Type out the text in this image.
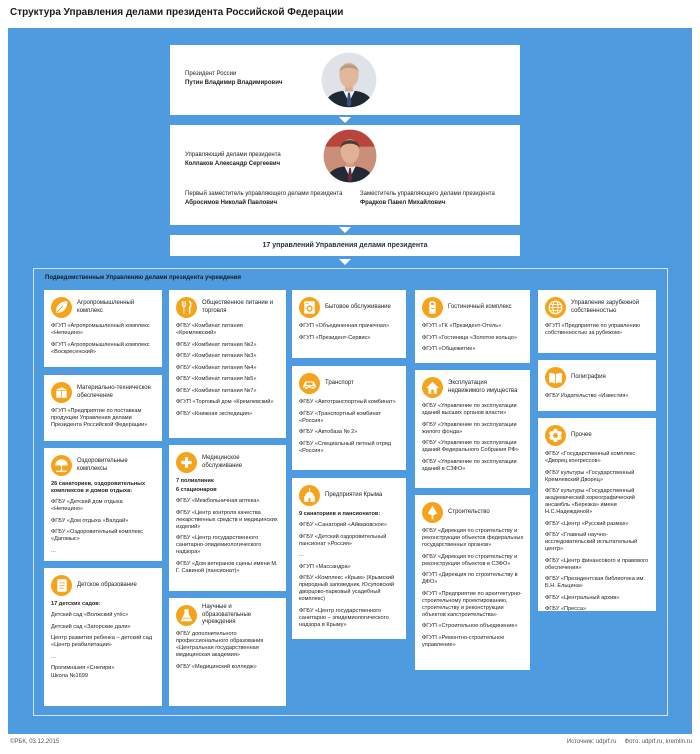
Структура Управления делами президента Российской Федерации
Президент России
Путин Владимир Владимирович
Управляющий делами президента
Колпаков Александр Сергеевич
Первый заместитель управляющего делами президента
Абросимов Николай Павлович
Заместитель управляющего делами президента
Фрадков Павел Михайлович
17 управлений Управления делами президента
Подведомственные Управлению делами президента учреждения
Агропромышленный комплекс
ФГУП «Агропромышленный комплекс «Непецино»
ФГУП «Агропромышленный комплекс «Воскресенский»
Материально-техническое обеспечение
ФГУП «Предприятие по поставкам продукции Управления делами Президента Российской Федерации»
Оздоровительные комплексы
26 санаториев, оздоровительных комплексов и домов отдыха:
ФГБУ «Детский дом отдыха «Непецино»
ФГБУ «Дом отдыха «Валдай»
ФГБУ «Оздоровительный комплекс «Дагомыс»
...
Детское образование
17 детских садов:
Детский сад «Волжский утёс»
Детский сад «Загорские дали»
Центр развития ребенка – детский сад «Центр реабилитации»
...
Прогимназия «Снегири»
Школа №1699
Общественное питание и торговля
ФГБУ «Комбинат питания «Кремлевский»
ФГБУ «Комбинат питания №2»
ФГБУ «Комбинат питания №3»
ФГБУ «Комбинат питания №4»
ФГБУ «Комбинат питания №5»
ФГБУ «Комбинат питания №7»
ФГУП «Торговый дом «Кремлевский»
ФГБУ «Книжная экспедиция»
Медицинское обслуживание
7 поликлиник
6 стационаров
ФГБУ «Межбольничная аптека»
ФГБУ «Центр контроля качества лекарственных средств и медицинских изделий»
ФГБУ «Центр государственного санитарно-эпидемиологического надзора»
ФГБУ «Дом ветеранов сцены имени М. Г. Савиной (пансионат)»
Научные и образовательные учреждения
ФГБУ дополнительного профессионального образования «Центральная государственная медицинская академия»
ФГБУ «Медицинский колледж»
Бытовое обслуживание
ФГУП «Объединенная прачечная»
ФГУП «Президент-Сервис»
Транспорт
ФГБУ «Автотранспортный комбинат»
ФГБУ «Транспортный комбинат «Россия»
ФГБУ «Автобаза № 2»
ФГБУ «Специальный летный отряд «Россия»
Предприятия Крыма
9 санаториев и пансионатов:
ФГБУ «Санаторий «Айвазовское»
ФГБУ «Детский оздоровительный пансионат «Россия»
...
ФГУП «Массандра»
ФГБУ «Комплекс «Крым» (Крымский природный заповедник, Юсуповский дворцово-парковый усадебный комплекс)
ФГБУ «Центр государственного санитарно – эпидемиологического надзора в Крыму»
Гостиничный комплекс
ФГУП «ГК «Президент-Отель»
ФГУП «Гостиница «Золотое кольцо»
ФГУП «Общежитие»
Эксплуатация недвижимого имущества
ФГБУ «Управление по эксплуатации зданий высших органов власти»
ФГБУ «Управление по эксплуатации жилого фонда»
ФГБУ «Управление по эксплуатации зданий Федерального Собрания РФ»
ФГБУ «Управление по эксплуатации зданий в СЗФО»
Строительство
ФГБУ «Дирекция по строительству и реконструкции объектов федеральных государственных органов»
ФГБУ «Дирекция по строительству и реконструкции объектов в СЗФО»
ФГУП «Дирекция по строительству в ДФО»
ФГУП «Предприятие по архитектурно-строительному проектированию, строительству и реконструкции объектов капстроительства»
ФГУП «Строительное объединение»
ФГУП «Ремонтно-строительное управление»
Управление зарубежной собственностью
ФГУП «Предприятие по управлению собственностью за рубежом»
Полиграфия
ФГБУ Издательство «Известия»
Прочее
ФГБУ «Государственный комплекс «Дворец конгрессов»
ФГБУ культуры «Государственный Кремлевский Дворец»
ФГБУ культуры «Государственный академический хореографический ансамбль «Березка» имени Н.С.Надеждиной»
ФГБУ «Центр «Русский размах»
ФГБУ «Главный научно-исследовательский испытательный центр»
ФГБУ «Центр финансового и правового обеспечения»
ФГБУ «Президентская библиотека им. Б.Н. Ельцина»
ФГБУ «Центральный архив»
ФГБУ «Пресса»
©РБК, 03.12.2015	Источник: udprf.ru Фото: udprf.ru, kremlin.ru
